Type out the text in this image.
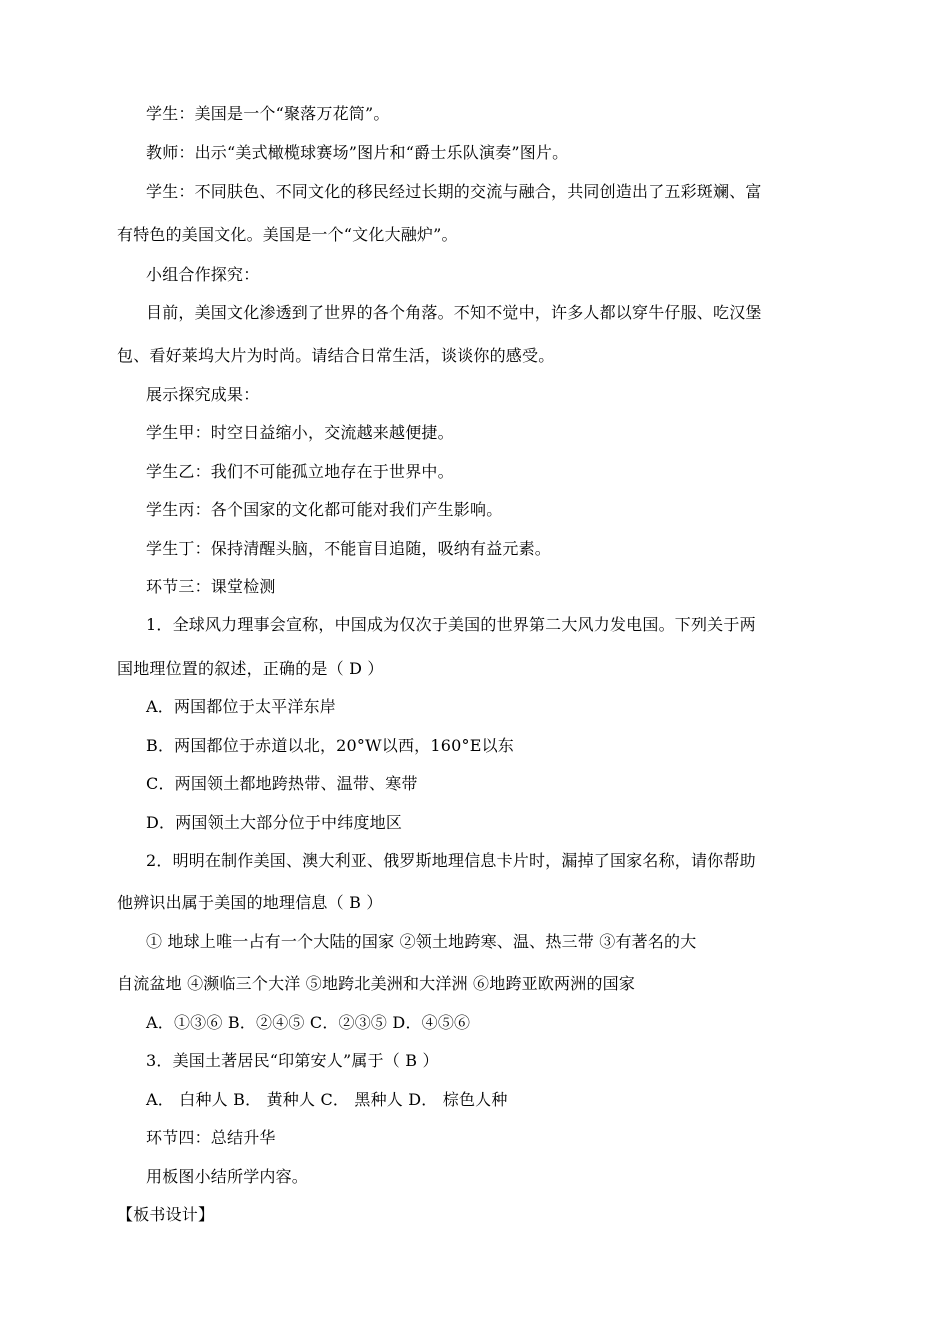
学生：美国是一个“聚落万花筒”。
教师：出示“美式橄榄球赛场”图片和“爵士乐队演奏”图片。
学生：不同肤色、不同文化的移民经过长期的交流与融合，共同创造出了五彩斑斓、富
有特色的美国文化。美国是一个“文化大融炉”。
小组合作探究：
目前，美国文化渗透到了世界的各个角落。不知不觉中，许多人都以穿牛仔服、吃汉堡
包、看好莱坞大片为时尚。请结合日常生活，谈谈你的感受。
展示探究成果：
学生甲：时空日益缩小，交流越来越便捷。
学生乙：我们不可能孤立地存在于世界中。
学生丙：各个国家的文化都可能对我们产生影响。
学生丁：保持清醒头脑，不能盲目追随，吸纳有益元素。
环节三：课堂检测
1．全球风力理事会宣称，中国成为仅次于美国的世界第二大风力发电国。下列关于两
国地理位置的叙述，正确的是（ D ）
A．两国都位于太平洋东岸
B．两国都位于赤道以北，20°W以西，160°E以东
C．两国领土都地跨热带、温带、寒带
D．两国领土大部分位于中纬度地区
2．明明在制作美国、澳大利亚、俄罗斯地理信息卡片时，漏掉了国家名称，请你帮助
他辨识出属于美国的地理信息（ B ）
① 地球上唯一占有一个大陆的国家 ②领土地跨寒、温、热三带 ③有著名的大
自流盆地 ④濒临三个大洋 ⑤地跨北美洲和大洋洲 ⑥地跨亚欧两洲的国家
A．①③⑥ B．②④⑤ C．②③⑤ D．④⑤⑥
3．美国土著居民“印第安人”属于（ B ）
A． 白种人 B． 黄种人 C． 黑种人 D． 棕色人种
环节四：总结升华
用板图小结所学内容。
【板书设计】
